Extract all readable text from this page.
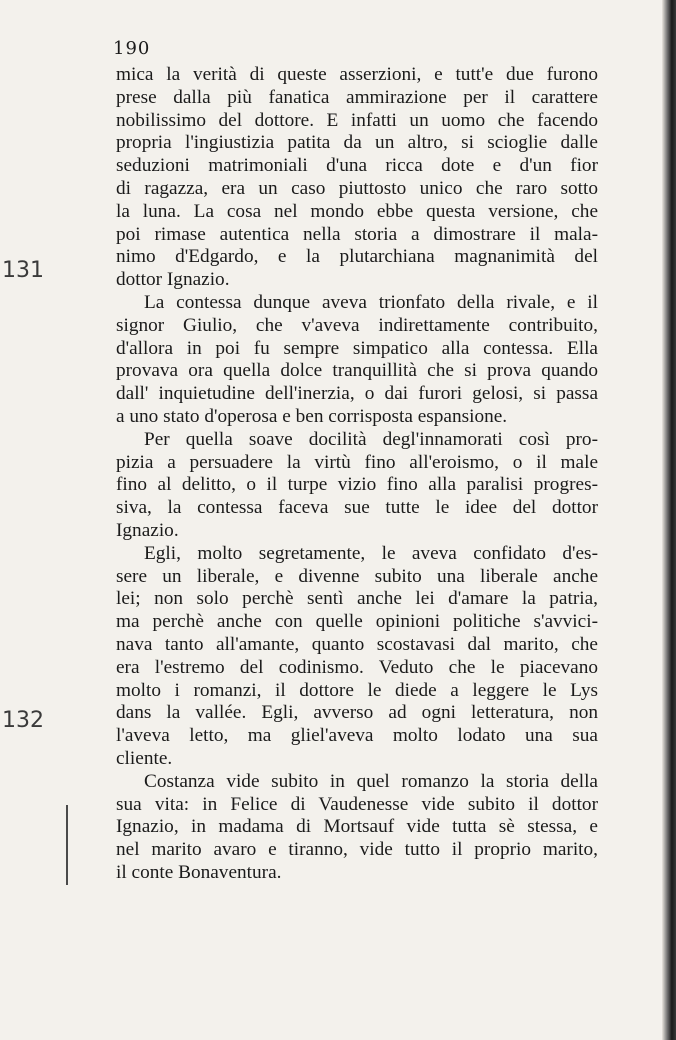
190
131
132
mica la verità di queste asserzioni, e tutt'e due furono
prese dalla più fanatica ammirazione per il carattere
nobilissimo del dottore. E infatti un uomo che facendo
propria l'ingiustizia patita da un altro, si scioglie dalle
seduzioni matrimoniali d'una ricca dote e d'un fior
di ragazza, era un caso piuttosto unico che raro sotto
la luna. La cosa nel mondo ebbe questa versione, che
poi rimase autentica nella storia a dimostrare il mala-
nimo d'Edgardo, e la plutarchiana magnanimità del
dottor Ignazio.
La contessa dunque aveva trionfato della rivale, e il
signor Giulio, che v'aveva indirettamente contribuito,
d'allora in poi fu sempre simpatico alla contessa. Ella
provava ora quella dolce tranquillità che si prova quando
dall' inquietudine dell'inerzia, o dai furori gelosi, si passa
a uno stato d'operosa e ben corrisposta espansione.
Per quella soave docilità degl'innamorati così pro-
pizia a persuadere la virtù fino all'eroismo, o il male
fino al delitto, o il turpe vizio fino alla paralisi progres-
siva, la contessa faceva sue tutte le idee del dottor
Ignazio.
Egli, molto segretamente, le aveva confidato d'es-
sere un liberale, e divenne subito una liberale anche
lei; non solo perchè sentì anche lei d'amare la patria,
ma perchè anche con quelle opinioni politiche s'avvici-
nava tanto all'amante, quanto scostavasi dal marito, che
era l'estremo del codinismo. Veduto che le piacevano
molto i romanzi, il dottore le diede a leggere le Lys
dans la vallée. Egli, avverso ad ogni letteratura, non
l'aveva letto, ma gliel'aveva molto lodato una sua
cliente.
Costanza vide subito in quel romanzo la storia della
sua vita: in Felice di Vaudenesse vide subito il dottor
Ignazio, in madama di Mortsauf vide tutta sè stessa, e
nel marito avaro e tiranno, vide tutto il proprio marito,
il conte Bonaventura.
